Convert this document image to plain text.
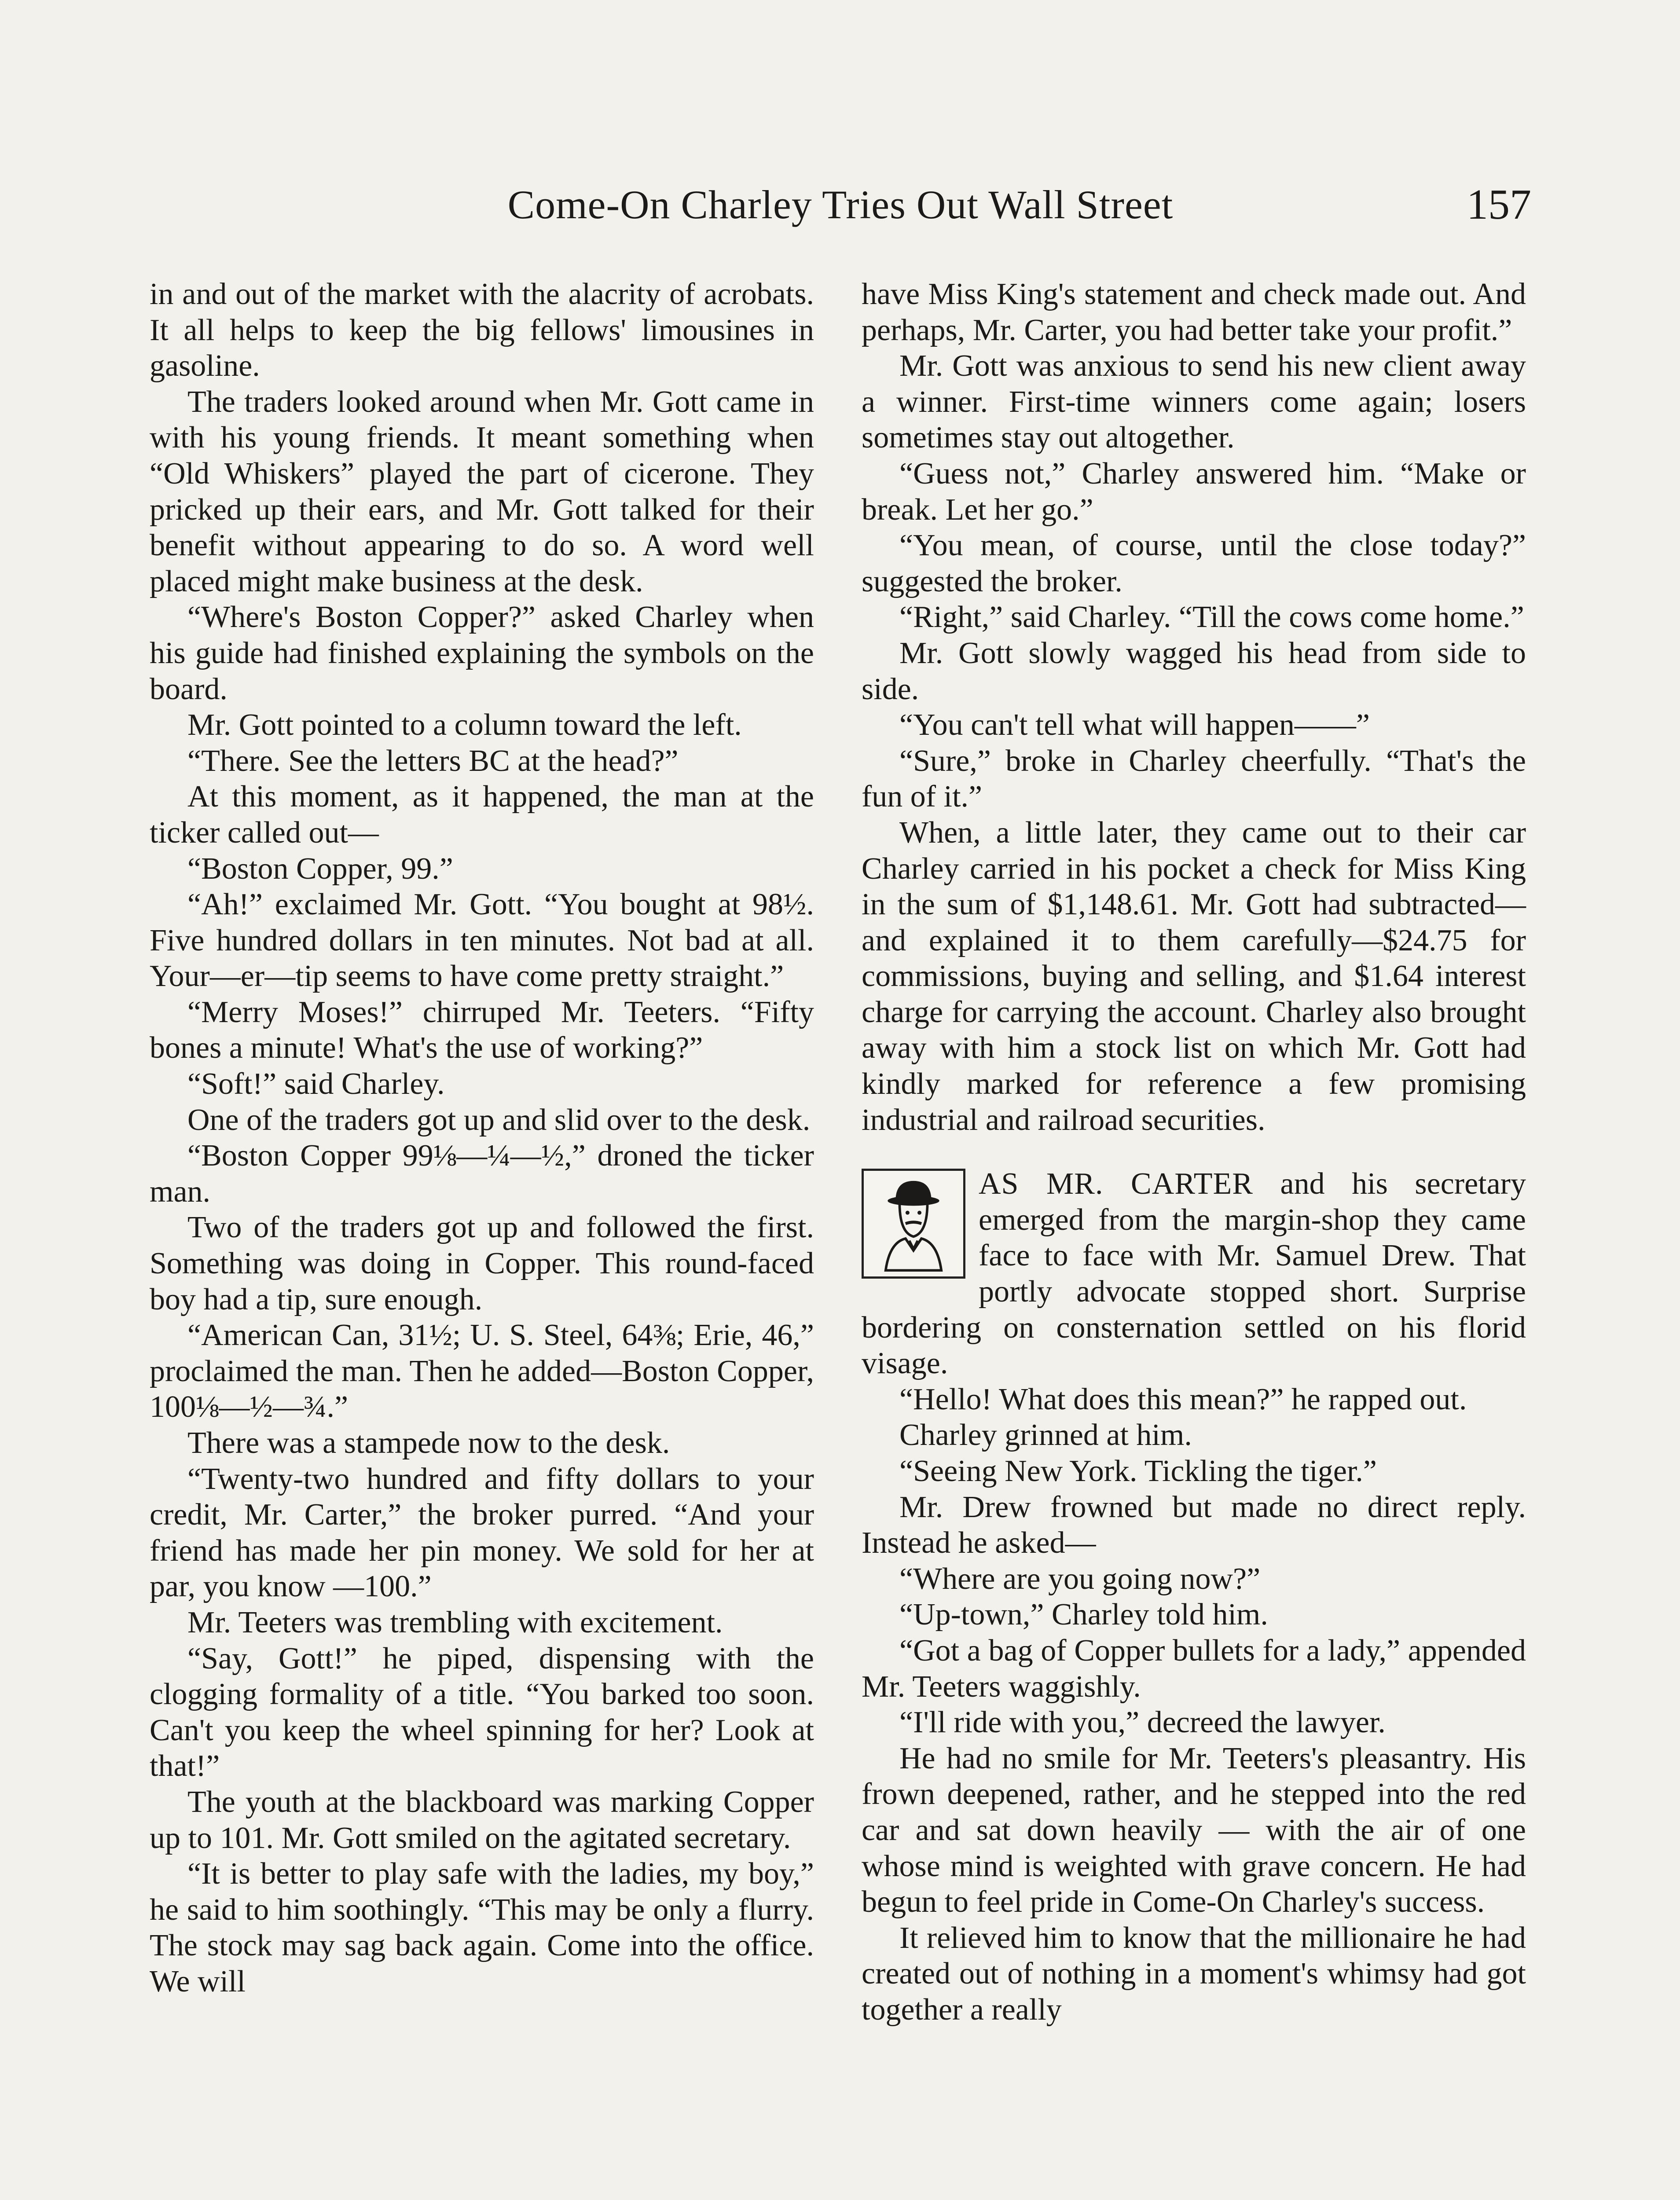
Come-On Charley Tries Out Wall Street	157

in and out of the market with the alacrity of acrobats. It all helps to keep the big fellows' limousines in gasoline.

The traders looked around when Mr. Gott came in with his young friends. It meant something when “Old Whiskers” played the part of cicerone. They pricked up their ears, and Mr. Gott talked for their benefit without appearing to do so. A word well placed might make business at the desk.

“Where's Boston Copper?” asked Charley when his guide had finished explaining the symbols on the board.

Mr. Gott pointed to a column toward the left.

“There. See the letters BC at the head?”

At this moment, as it happened, the man at the ticker called out—

“Boston Copper, 99.”

“Ah!” exclaimed Mr. Gott. “You bought at 98½. Five hundred dollars in ten minutes. Not bad at all. Your—er—tip seems to have come pretty straight.”

“Merry Moses!” chirruped Mr. Teeters. “Fifty bones a minute! What's the use of working?”

“Soft!” said Charley.

One of the traders got up and slid over to the desk.

“Boston Copper 99⅛—¼—½,” droned the ticker man.

Two of the traders got up and followed the first. Something was doing in Copper. This round-faced boy had a tip, sure enough.

“American Can, 31½; U. S. Steel, 64⅜; Erie, 46,” proclaimed the man. Then he added—Boston Copper, 100⅛—½—¾.”

There was a stampede now to the desk.

“Twenty-two hundred and fifty dollars to your credit, Mr. Carter,” the broker purred. “And your friend has made her pin money. We sold for her at par, you know —100.”

Mr. Teeters was trembling with excitement.

“Say, Gott!” he piped, dispensing with the clogging formality of a title. “You barked too soon. Can't you keep the wheel spinning for her? Look at that!”

The youth at the blackboard was marking Copper up to 101. Mr. Gott smiled on the agitated secretary.

“It is better to play safe with the ladies, my boy,” he said to him soothingly. “This may be only a flurry. The stock may sag back again. Come into the office. We will

have Miss King's statement and check made out. And perhaps, Mr. Carter, you had better take your profit.”

Mr. Gott was anxious to send his new client away a winner. First-time winners come again; losers sometimes stay out altogether.

“Guess not,” Charley answered him. “Make or break. Let her go.”

“You mean, of course, until the close today?” suggested the broker.

“Right,” said Charley. “Till the cows come home.”

Mr. Gott slowly wagged his head from side to side.

“You can't tell what will happen——”

“Sure,” broke in Charley cheerfully. “That's the fun of it.”

When, a little later, they came out to their car Charley carried in his pocket a check for Miss King in the sum of $1,148.61. Mr. Gott had subtracted—and explained it to them carefully—$24.75 for commissions, buying and selling, and $1.64 interest charge for carrying the account. Charley also brought away with him a stock list on which Mr. Gott had kindly marked for reference a few promising industrial and railroad securities.

AS MR. CARTER and his secretary emerged from the margin-shop they came face to face with Mr. Samuel Drew. That portly advocate stopped short. Surprise bordering on consternation settled on his florid visage.

“Hello! What does this mean?” he rapped out.

Charley grinned at him.

“Seeing New York. Tickling the tiger.”

Mr. Drew frowned but made no direct reply. Instead he asked—

“Where are you going now?”

“Up-town,” Charley told him.

“Got a bag of Copper bullets for a lady,” appended Mr. Teeters waggishly.

“I'll ride with you,” decreed the lawyer.

He had no smile for Mr. Teeters's pleasantry. His frown deepened, rather, and he stepped into the red car and sat down heavily — with the air of one whose mind is weighted with grave concern. He had begun to feel pride in Come-On Charley's success.

It relieved him to know that the millionaire he had created out of nothing in a moment's whimsy had got together a really
